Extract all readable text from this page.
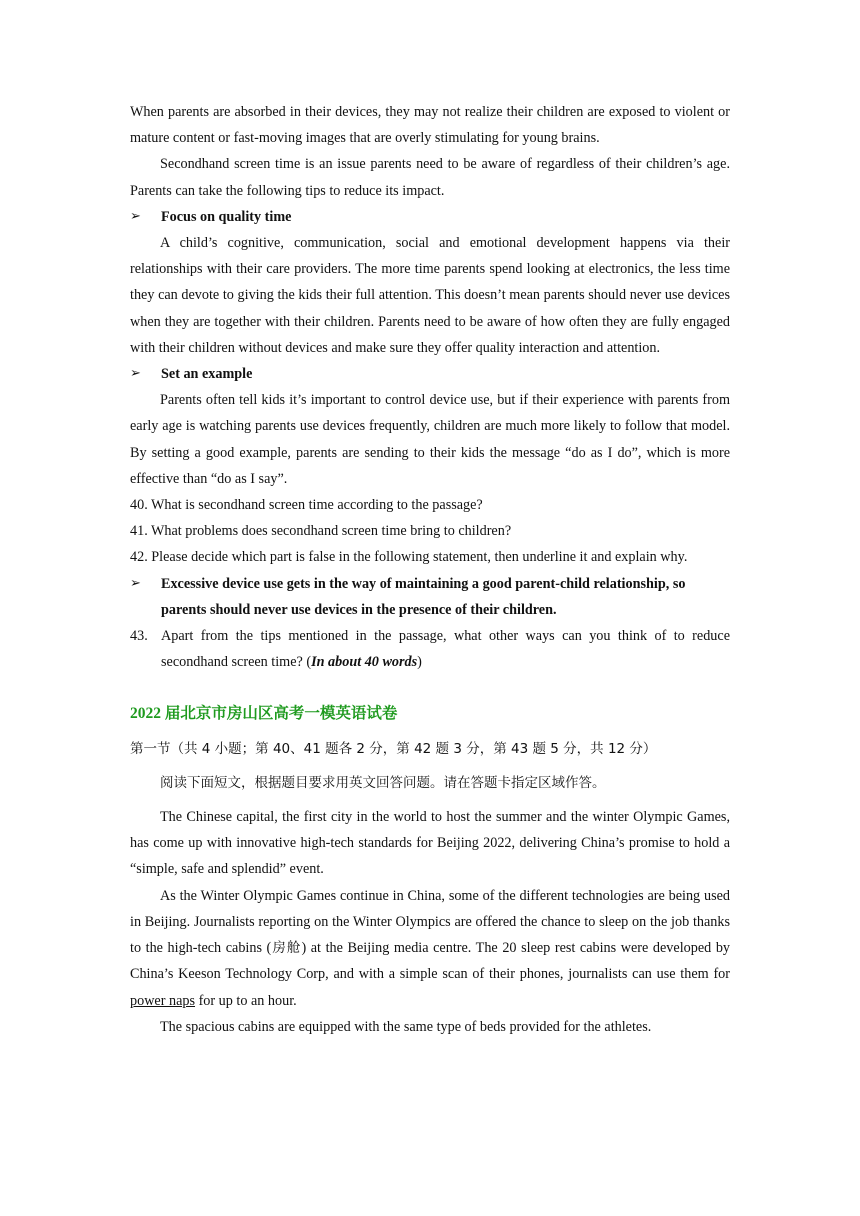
When parents are absorbed in their devices, they may not realize their children are exposed to violent or mature content or fast-moving images that are overly stimulating for young brains.

Secondhand screen time is an issue parents need to be aware of regardless of their children’s age. Parents can take the following tips to reduce its impact.

➢	Focus on quality time

A child’s cognitive, communication, social and emotional development happens via their relationships with their care providers. The more time parents spend looking at electronics, the less time they can devote to giving the kids their full attention. This doesn’t mean parents should never use devices when they are together with their children. Parents need to be aware of how often they are fully engaged with their children without devices and make sure they offer quality interaction and attention.

➢	Set an example

Parents often tell kids it’s important to control device use, but if their experience with parents from early age is watching parents use devices frequently, children are much more likely to follow that model. By setting a good example, parents are sending to their kids the message “do as I do”, which is more effective than “do as I say”.

40. What is secondhand screen time according to the passage?

41. What problems does secondhand screen time bring to children?

42. Please decide which part is false in the following statement, then underline it and explain why.

➢	Excessive device use gets in the way of maintaining a good parent-child relationship, so parents should never use devices in the presence of their children.
43. Apart from the tips mentioned in the passage, what other ways can you think of to reduce secondhand screen time? (In about 40 words)

2022 届北京市房山区高考一模英语试卷

第一节（共 4 小题；第 40、41 题各 2 分，第 42 题 3 分，第 43 题 5 分，共 12 分）

阅读下面短文，根据题目要求用英文回答问题。请在答题卡指定区域作答。

The Chinese capital, the first city in the world to host the summer and the winter Olympic Games, has come up with innovative high-tech standards for Beijing 2022, delivering China’s promise to hold a “simple, safe and splendid” event.

As the Winter Olympic Games continue in China, some of the different technologies are being used in Beijing. Journalists reporting on the Winter Olympics are offered the chance to sleep on the job thanks to the high-tech cabins (房舱) at the Beijing media centre. The 20 sleep rest cabins were developed by China’s Keeson Technology Corp, and with a simple scan of their phones, journalists can use them for power naps for up to an hour.

The spacious cabins are equipped with the same type of beds provided for the athletes.
